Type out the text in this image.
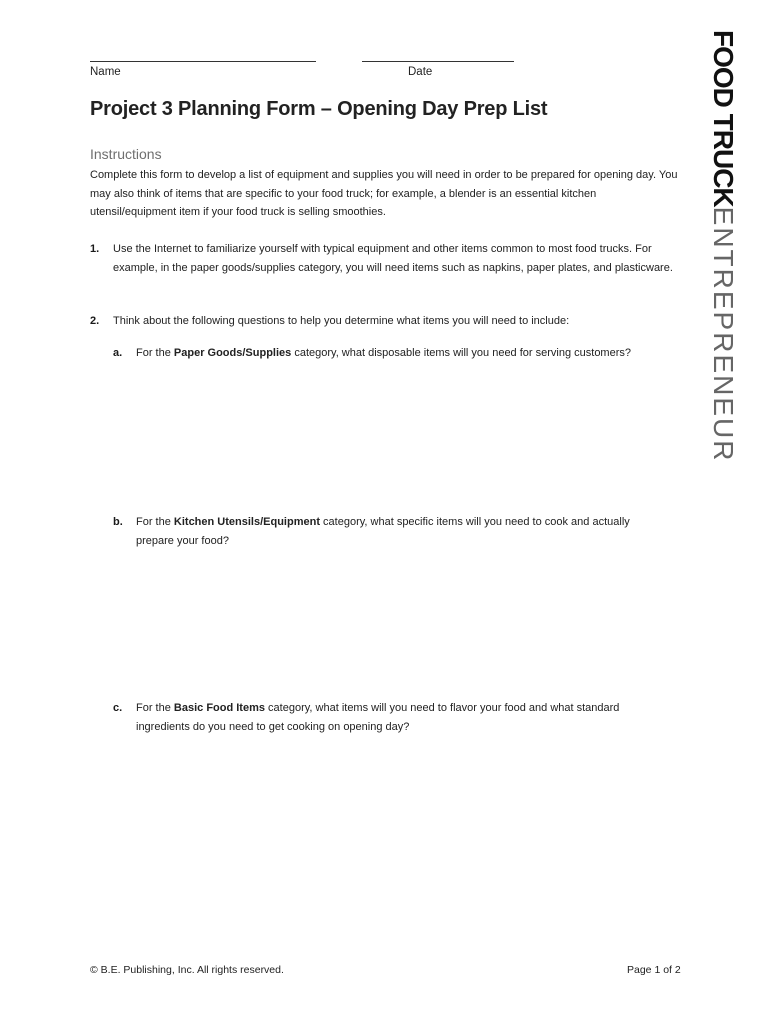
Name	Date
Project 3 Planning Form – Opening Day Prep List
Instructions

Complete this form to develop a list of equipment and supplies you will need in order to be prepared for opening day. You may also think of items that are specific to your food truck; for example, a blender is an essential kitchen utensil/equipment item if your food truck is selling smoothies.

1. Use the Internet to familiarize yourself with typical equipment and other items common to most food trucks. For example, in the paper goods/supplies category, you will need items such as napkins, paper plates, and plasticware.

2. Think about the following questions to help you determine what items you will need to include:

a. For the Paper Goods/Supplies category, what disposable items will you need for serving customers?

b. For the Kitchen Utensils/Equipment category, what specific items will you need to cook and actually prepare your food?

c. For the Basic Food Items category, what items will you need to flavor your food and what standard ingredients do you need to get cooking on opening day?

FOOD TRUCKENTREPRENEUR
© B.E. Publishing, Inc. All rights reserved.	Page 1 of 2
